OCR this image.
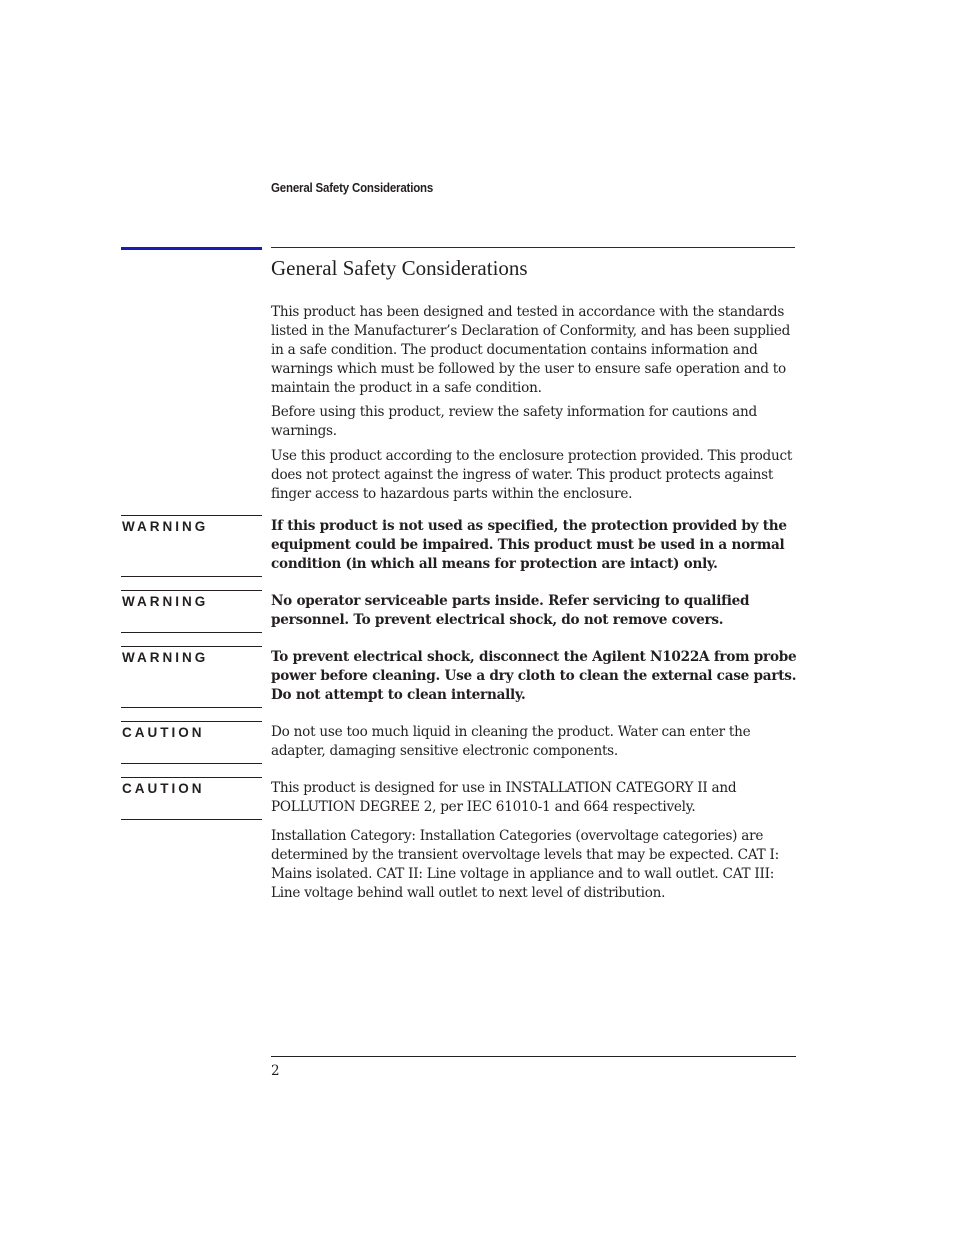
General Safety Considerations
General Safety Considerations

This product has been designed and tested in accordance with the standards listed in the Manufacturer’s Declaration of Conformity, and has been supplied in a safe condition. The product documentation contains information and warnings which must be followed by the user to ensure safe operation and to maintain the product in a safe condition.

Before using this product, review the safety information for cautions and warnings.

Use this product according to the enclosure protection provided. This product does not protect against the ingress of water. This product protects against finger access to hazardous parts within the enclosure.

WARNING	If this product is not used as specified, the protection provided by the equipment could be impaired. This product must be used in a normal condition (in which all means for protection are intact) only.

WARNING	No operator serviceable parts inside. Refer servicing to qualified personnel. To prevent electrical shock, do not remove covers.

WARNING	To prevent electrical shock, disconnect the Agilent N1022A from probe power before cleaning. Use a dry cloth to clean the external case parts. Do not attempt to clean internally.

CAUTION	Do not use too much liquid in cleaning the product. Water can enter the adapter, damaging sensitive electronic components.

CAUTION	This product is designed for use in INSTALLATION CATEGORY II and POLLUTION DEGREE 2, per IEC 61010-1 and 664 respectively.

Installation Category: Installation Categories (overvoltage categories) are determined by the transient overvoltage levels that may be expected. CAT I: Mains isolated. CAT II: Line voltage in appliance and to wall outlet. CAT III: Line voltage behind wall outlet to next level of distribution.

2
